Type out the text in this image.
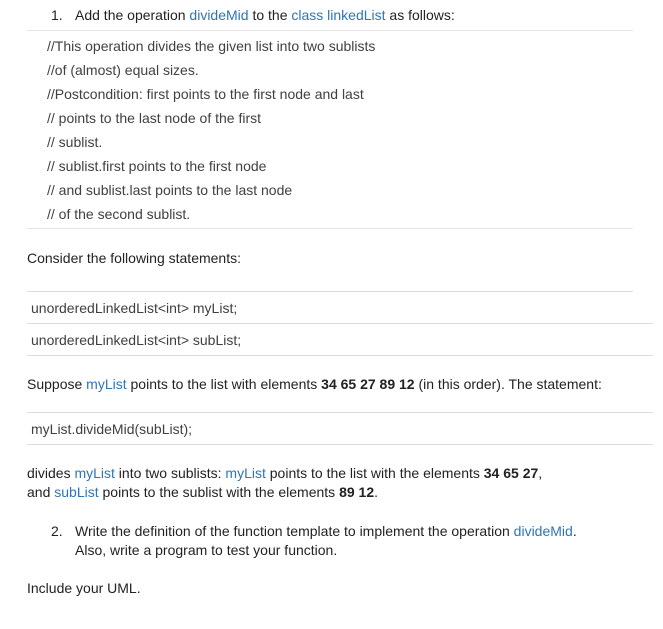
1. Add the operation divideMid to the class linkedList as follows:
//This operation divides the given list into two sublists
//of (almost) equal sizes.
//Postcondition: first points to the first node and last
// points to the last node of the first
// sublist.
// sublist.first points to the first node
// and sublist.last points to the last node
// of the second sublist.
Consider the following statements:
unorderedLinkedList<int> myList;
unorderedLinkedList<int> subList;
Suppose myList points to the list with elements 34 65 27 89 12 (in this order). The statement:
myList.divideMid(subList);
divides myList into two sublists: myList points to the list with the elements 34 65 27,
and subList points to the sublist with the elements 89 12.
2. Write the definition of the function template to implement the operation divideMid.
Also, write a program to test your function.
Include your UML.
